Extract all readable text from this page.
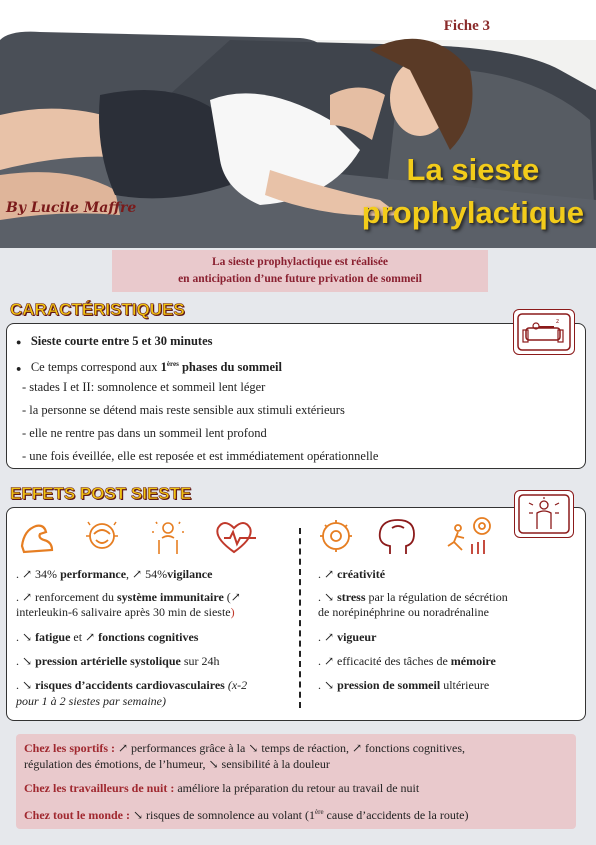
Fiche 3
By Lucile Maffre
La sieste
prophylactique
La sieste prophylactique est réalisée
en anticipation d’une future privation de sommeil
CARACTÉRISTIQUES
z
● Sieste courte entre 5 et 30 minutes
● Ce temps correspond aux 1ères phases du sommeil
- stades I et II: somnolence et sommeil lent léger
- la personne se détend mais reste sensible aux stimuli extérieurs
- elle ne rentre pas dans un sommeil lent profond
- une fois éveillée, elle est reposée et est immédiatement opérationnelle
EFFETS POST SIESTE
. ↗ 34% performance, ↗ 54%vigilance
. ↗ renforcement du système immunitaire (↗
interleukin-6 salivaire après 30 min de sieste)
. ↘ fatigue et ↗ fonctions cognitives
. ↘ pression artérielle systolique sur 24h
. ↘ risques d’accidents cardiovasculaires (x-2
pour 1 à 2 siestes par semaine)
. ↗ créativité
. ↘ stress par la régulation de sécrétion
de norépinéphrine ou noradrénaline
. ↗ vigueur
. ↗ efficacité des tâches de mémoire
. ↘ pression de sommeil ultérieure
Chez les sportifs : ↗ performances grâce à la ↘ temps de réaction, ↗ fonctions cognitives,
régulation des émotions, de l’humeur, ↘ sensibilité à la douleur
Chez les travailleurs de nuit : améliore la préparation du retour au travail de nuit
Chez tout le monde : ↘ risques de somnolence au volant (1ère cause d’accidents de la route)
